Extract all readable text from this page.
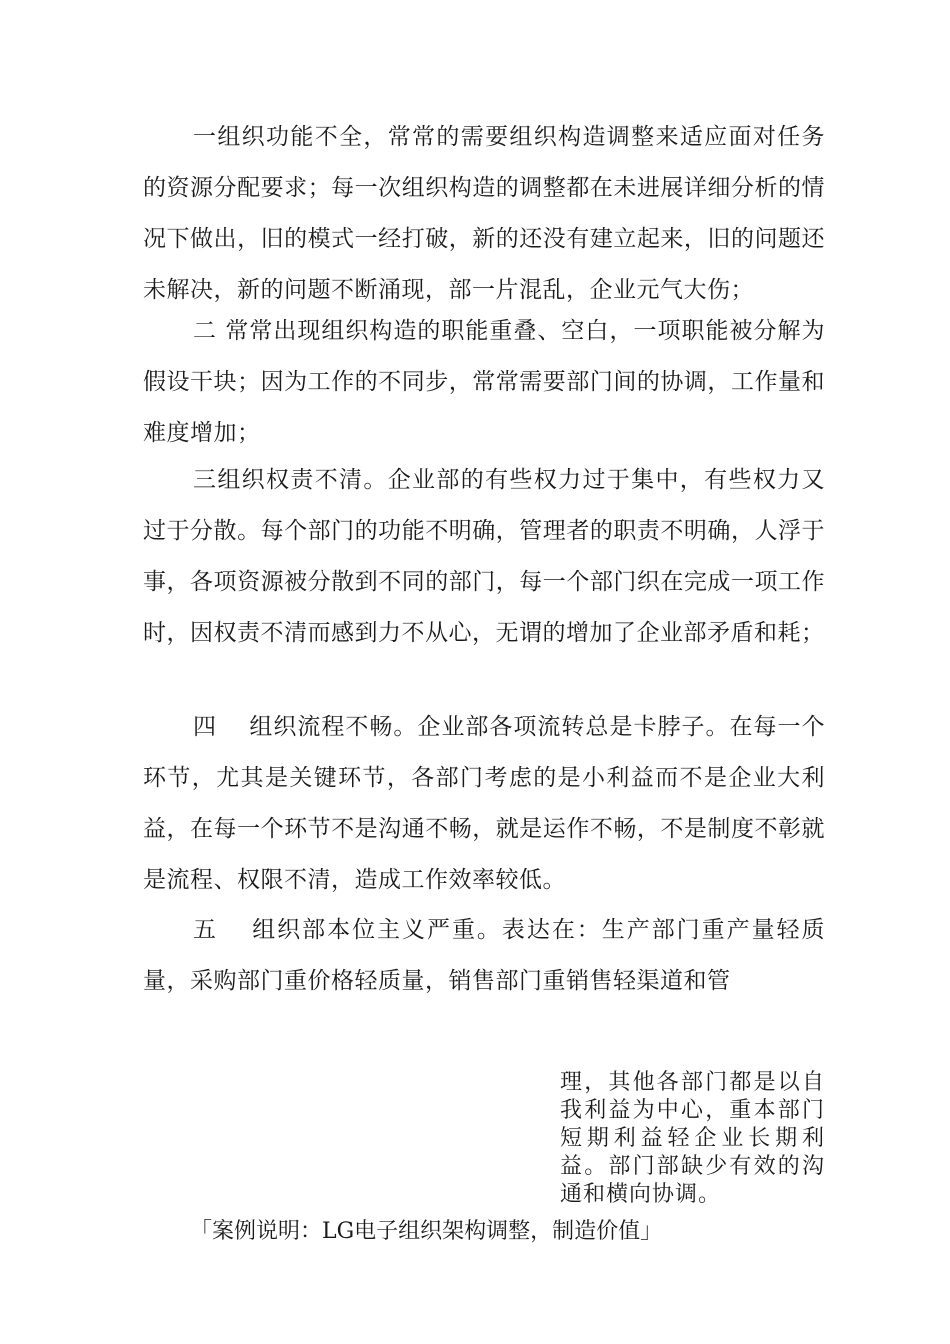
一组织功能不全，常常的需要组织构造调整来适应面对任务的资源分配要求；每一次组织构造的调整都在未进展详细分析的情况下做出，旧的模式一经打破，新的还没有建立起来，旧的问题还未解决，新的问题不断涌现，部一片混乱，企业元气大伤；

二 常常出现组织构造的职能重叠、空白，一项职能被分解为假设干块；因为工作的不同步，常常需要部门间的协调，工作量和难度增加；

三组织权责不清。企业部的有些权力过于集中，有些权力又过于分散。每个部门的功能不明确，管理者的职责不明确，人浮于事，各项资源被分散到不同的部门，每一个部门织在完成一项工作时，因权责不清而感到力不从心，无谓的增加了企业部矛盾和耗；

四　 组织流程不畅。企业部各项流转总是卡脖子。在每一个环节，尤其是关键环节，各部门考虑的是小利益而不是企业大利益，在每一个环节不是沟通不畅，就是运作不畅，不是制度不彰就是流程、权限不清，造成工作效率较低。

五　 组织部本位主义严重。表达在：生产部门重产量轻质量，采购部门重价格轻质量，销售部门重销售轻渠道和管

理，其他各部门都是以自我利益为中心，重本部门短期利益轻企业长期利益。部门部缺少有效的沟通和横向协调。

「案例说明：LG电子组织架构调整，制造价值」
